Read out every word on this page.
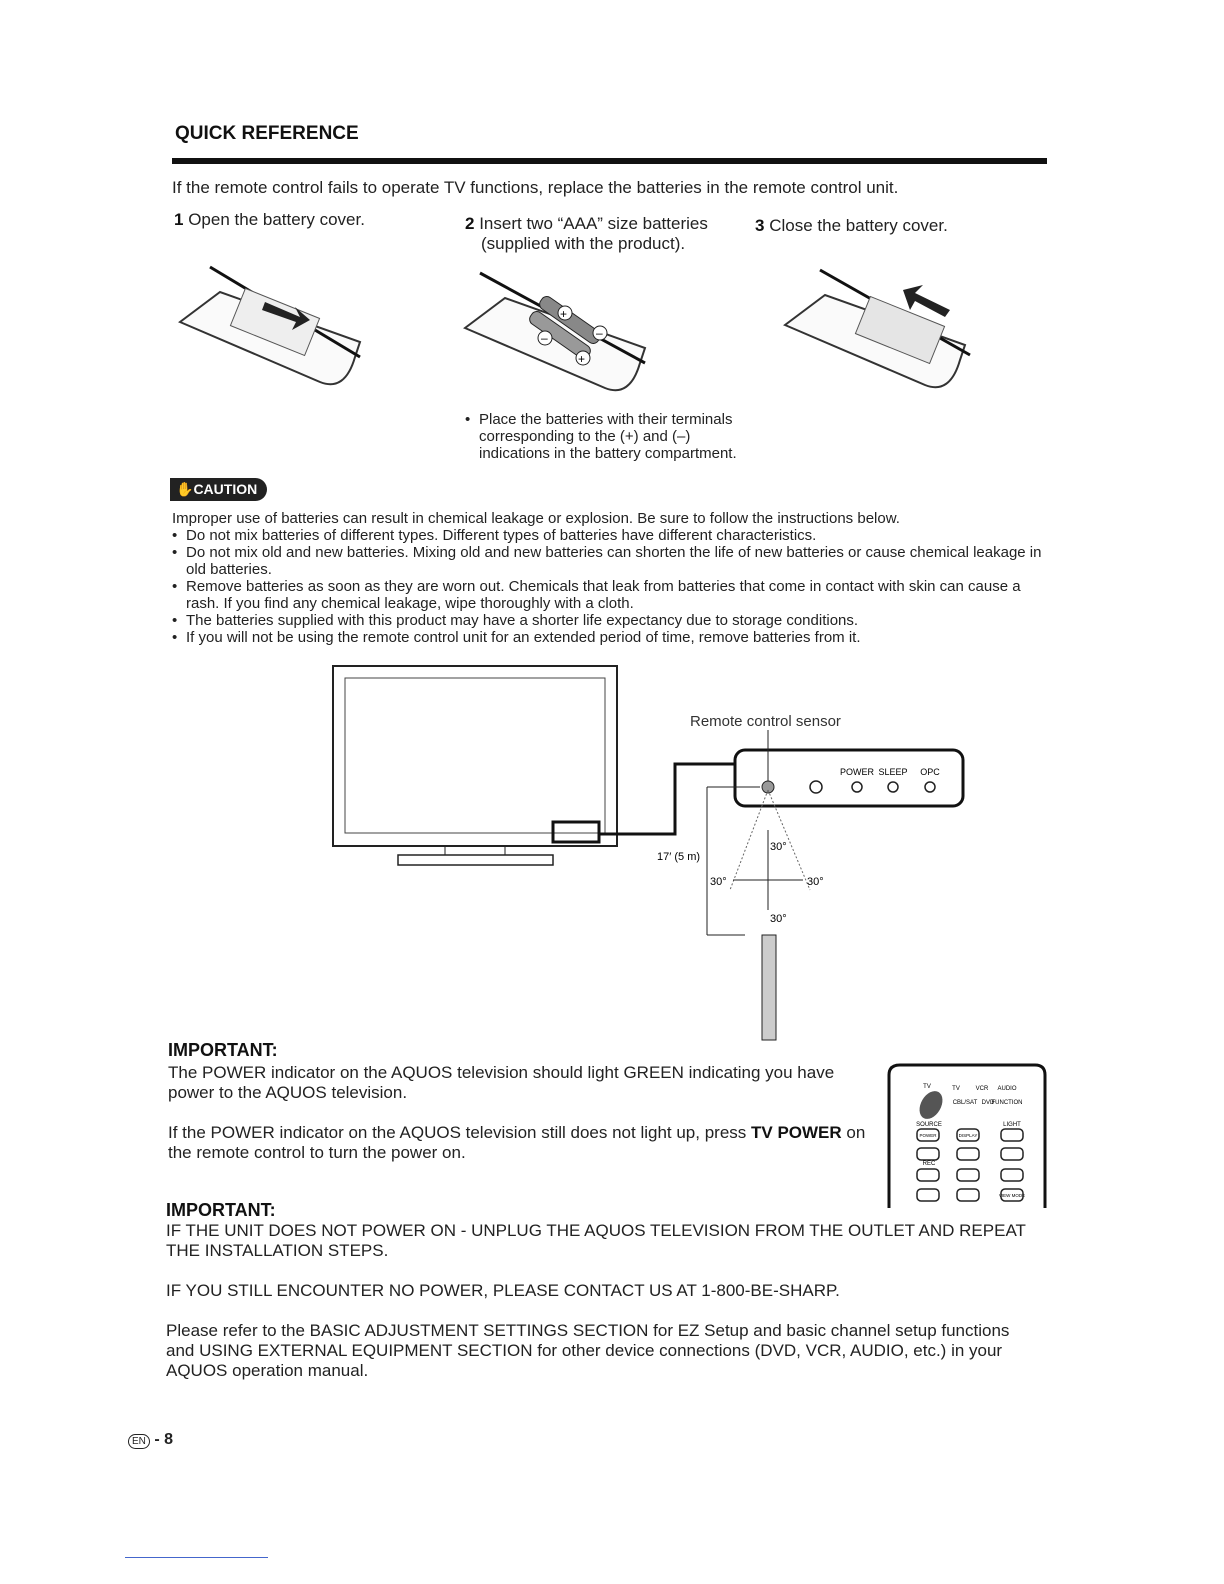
QUICK REFERENCE
If the remote control fails to operate TV functions, replace the batteries in the remote control unit.
1 Open the battery cover.	2 Insert two “AAA” size batteries
(supplied with the product).
3 Close the battery cover.
+
–
–
+
• Place the batteries with their terminals
corresponding to the (+) and (–)
indications in the battery compartment.
✋CAUTION
Improper use of batteries can result in chemical leakage or explosion. Be sure to follow the instructions below.
• Do not mix batteries of different types. Different types of batteries have different characteristics.
• Do not mix old and new batteries. Mixing old and new batteries can shorten the life of new batteries or cause chemical leakage in old batteries.
• Remove batteries as soon as they are worn out. Chemicals that leak from batteries that come in contact with skin can cause a rash. If you find any chemical leakage, wipe thoroughly with a cloth.
• The batteries supplied with this product may have a shorter life expectancy due to storage conditions.
• If you will not be using the remote control unit for an extended period of time, remove batteries from it.
POWER SLEEP OPC
Remote control sensor
17′ (5 m)
30°
30°	30°
30°
IMPORTANT:
The POWER indicator on the AQUOS television should light GREEN indicating you have power to the AQUOS television.
If the POWER indicator on the AQUOS television still does not light up, press TV POWER on the remote control to turn the power on.
TV	TV	VCR AUDIO
CBL/SAT DVD
FUNCTION
SOURCE	LIGHT
REC
POWER	DISPLAY
VIEW MODE
IMPORTANT:
IF THE UNIT DOES NOT POWER ON - UNPLUG THE AQUOS TELEVISION FROM THE OUTLET AND REPEAT THE INSTALLATION STEPS.
IF YOU STILL ENCOUNTER NO POWER, PLEASE CONTACT US AT 1-800-BE-SHARP.
Please refer to the BASIC ADJUSTMENT SETTINGS SECTION for EZ Setup and basic channel setup functions and USING EXTERNAL EQUIPMENT SECTION for other device connections (DVD, VCR, AUDIO, etc.) in your AQUOS operation manual.
EN - 8
